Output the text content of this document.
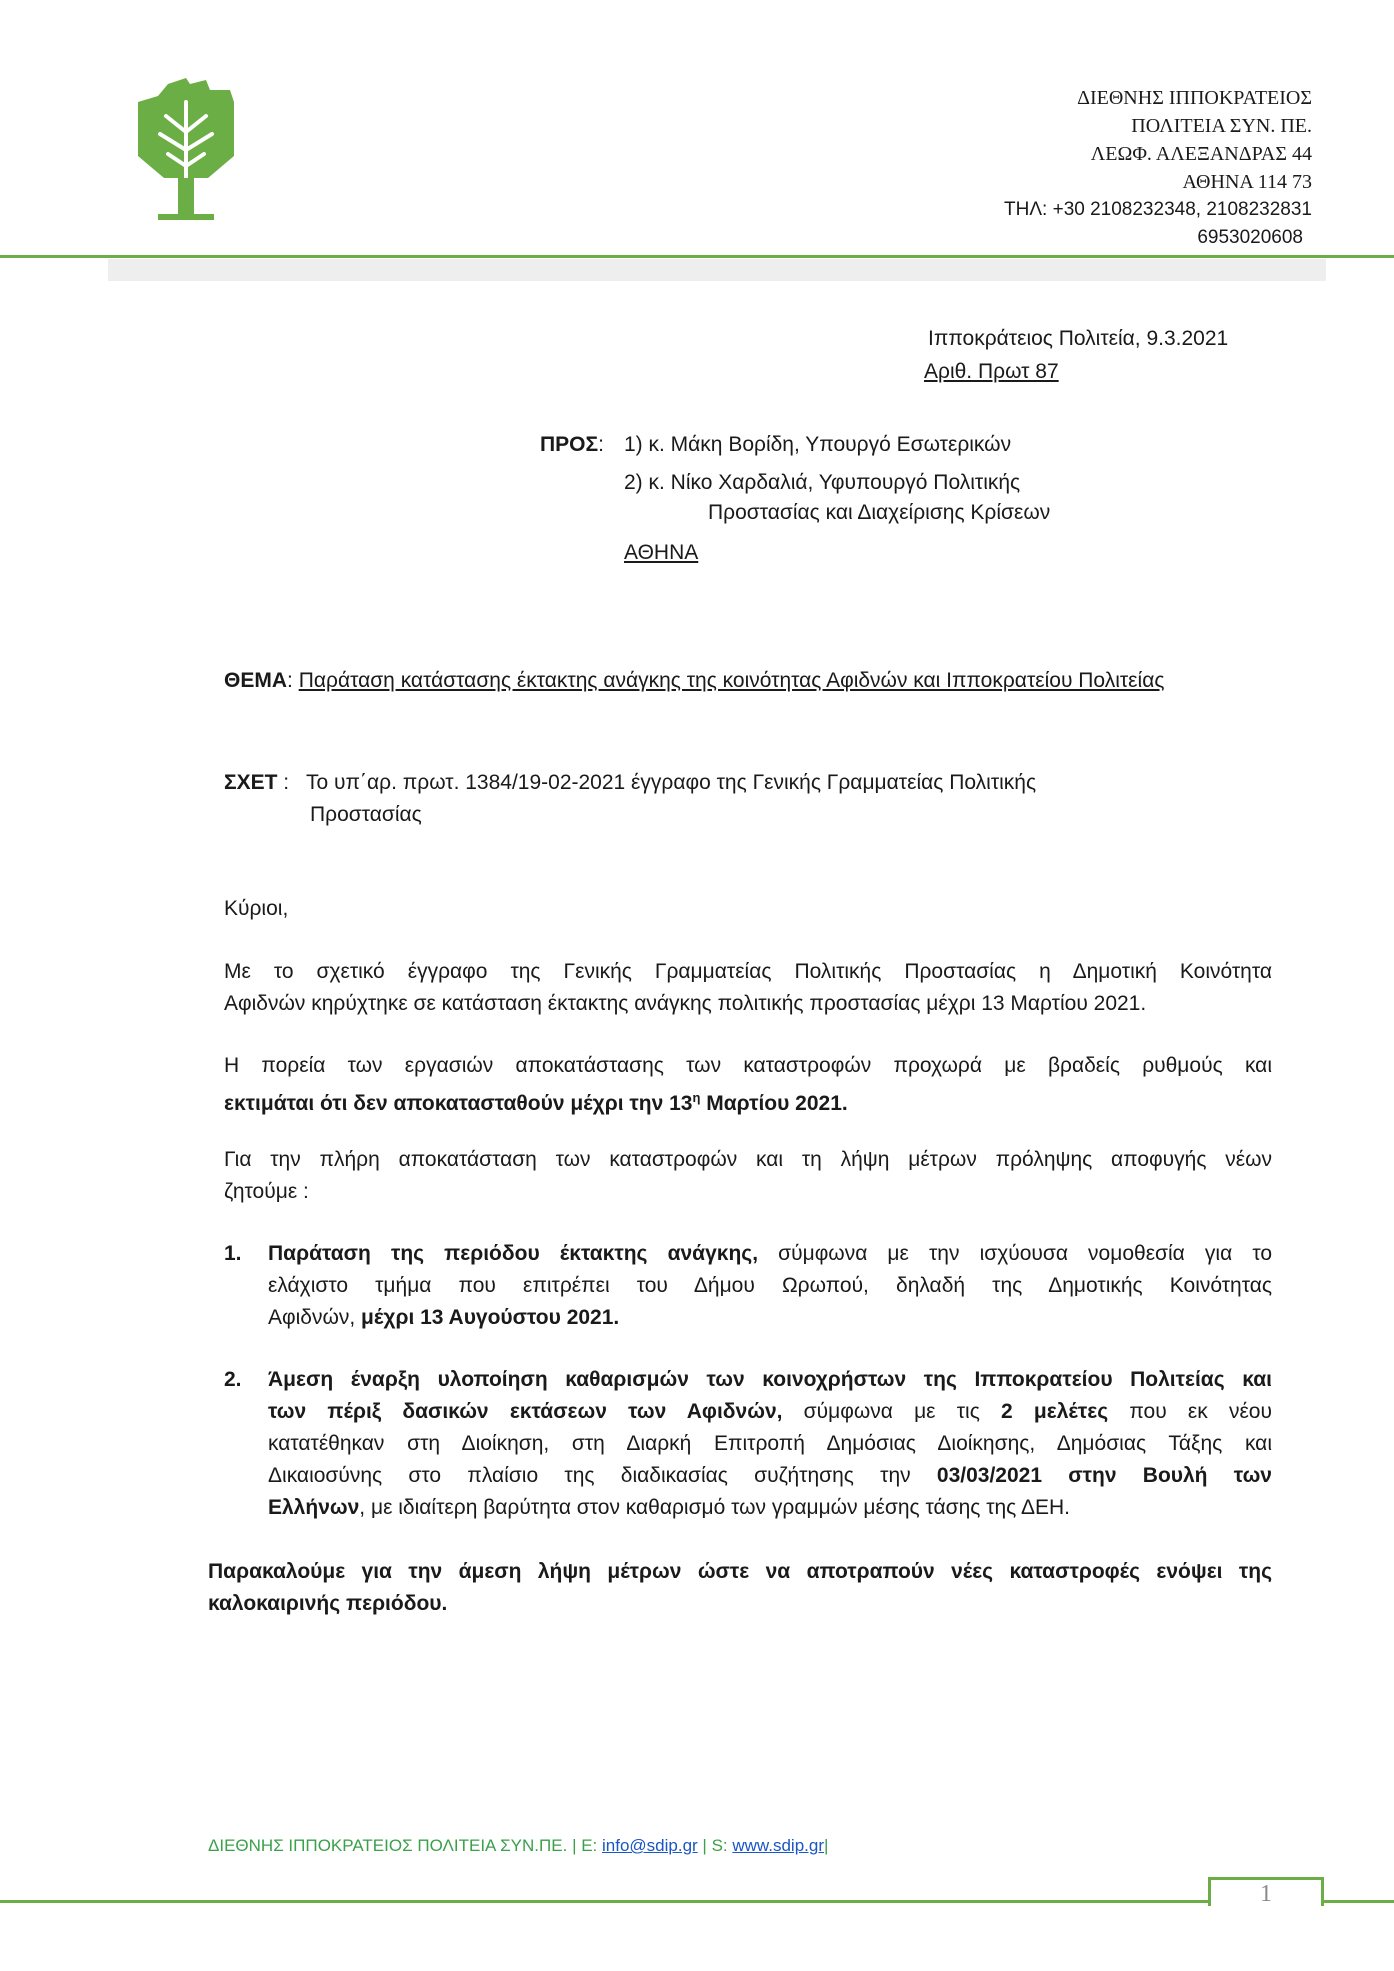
ΔΙΕΘΝΗΣ ΙΠΠΟΚΡΑΤΕΙΟΣ
ΠΟΛΙΤΕΙΑ ΣΥΝ. ΠΕ.
ΛΕΩΦ. ΑΛΕΞΑΝΔΡΑΣ 44
ΑΘΗΝΑ 114 73
ΤΗΛ: +30 2108232348, 2108232831
6953020608
Ιπποκράτειος Πολιτεία, 9.3.2021
Αριθ. Πρωτ 87
ΠΡΟΣ: 1) κ. Μάκη Βορίδη, Υπουργό Εσωτερικών
2) κ. Νίκο Χαρδαλιά, Υφυπουργό Πολιτικής
Προστασίας και Διαχείρισης Κρίσεων
ΑΘΗΝΑ
ΘΕΜΑ: Παράταση κατάστασης έκτακτης ανάγκης της κοινότητας Αφιδνών και Ιπποκρατείου Πολιτείας
ΣΧΕΤ : Το υπ΄αρ. πρωτ. 1384/19-02-2021 έγγραφο της Γενικής Γραμματείας Πολιτικής
Προστασίας
Κύριοι,
Με το σχετικό έγγραφο της Γενικής Γραμματείας Πολιτικής Προστασίας η Δημοτική Κοινότητα
Αφιδνών κηρύχτηκε σε κατάσταση έκτακτης ανάγκης πολιτικής προστασίας μέχρι 13 Μαρτίου 2021.
Η πορεία των εργασιών αποκατάστασης των καταστροφών προχωρά με βραδείς ρυθμούς και
εκτιμάται ότι δεν αποκατασταθούν μέχρι την $13^\eta$ Μαρτίου 2021.
Για την πλήρη αποκατάσταση των καταστροφών και τη λήψη μέτρων πρόληψης αποφυγής νέων
ζητούμε :
1. Παράταση της περιόδου έκτακτης ανάγκης, σύμφωνα με την ισχύουσα νομοθεσία για το
ελάχιστο τμήμα που επιτρέπει του Δήμου Ωρωπού, δηλαδή της Δημοτικής Κοινότητας
Αφιδνών, μέχρι 13 Αυγούστου 2021.
2. Άμεση έναρξη υλοποίηση καθαρισμών των κοινοχρήστων της Ιπποκρατείου Πολιτείας και
των πέριξ δασικών εκτάσεων των Αφιδνών, σύμφωνα με τις 2 μελέτες που εκ νέου
κατατέθηκαν στη Διοίκηση, στη Διαρκή Επιτροπή Δημόσιας Διοίκησης, Δημόσιας Τάξης και
Δικαιοσύνης στο πλαίσιο της διαδικασίας συζήτησης την 03/03/2021 στην Βουλή των
Ελλήνων, με ιδιαίτερη βαρύτητα στον καθαρισμό των γραμμών μέσης τάσης της ΔΕΗ.
Παρακαλούμε για την άμεση λήψη μέτρων ώστε να αποτραπούν νέες καταστροφές ενόψει της
καλοκαιρινής περιόδου.
ΔΙΕΘΝΗΣ ΙΠΠΟΚΡΑΤΕΙΟΣ ΠΟΛΙΤΕΙΑ ΣΥΝ.ΠΕ. | Ε: info@sdip.gr | S: www.sdip.gr|
1
